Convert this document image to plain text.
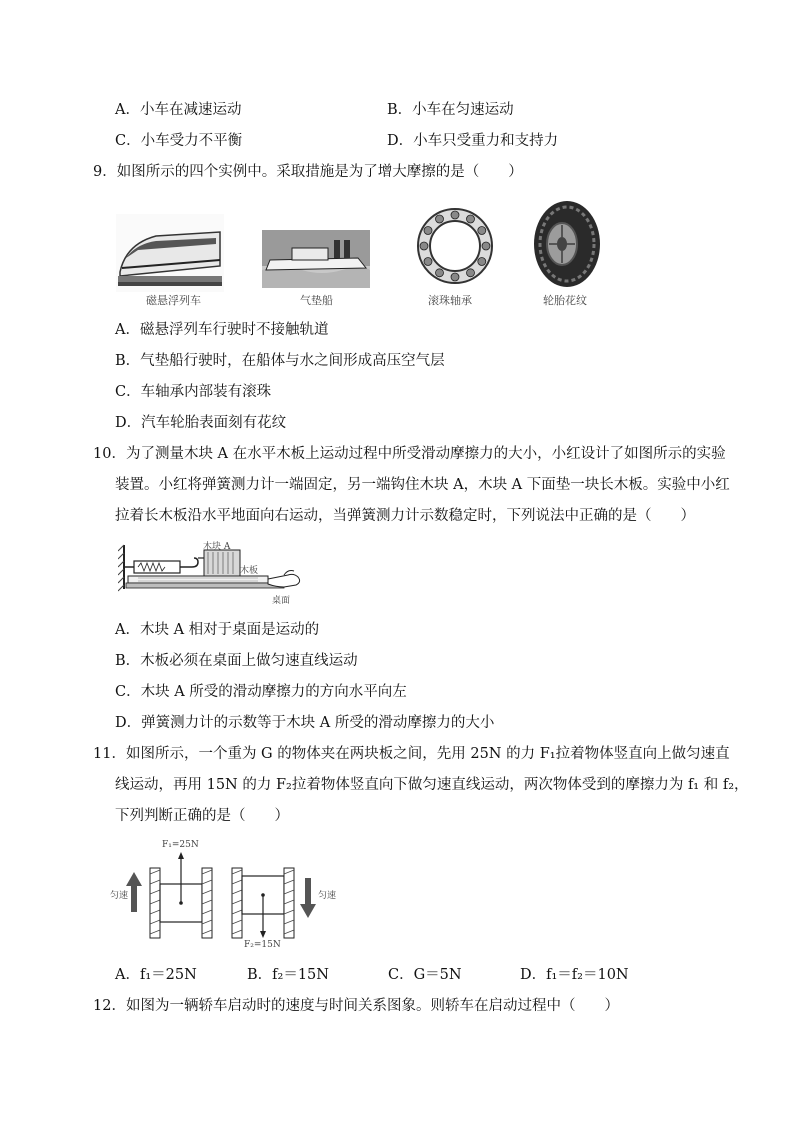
A．小车在减速运动	B．小车在匀速运动
C．小车受力不平衡	D．小车只受重力和支持力
9．如图所示的四个实例中。采取措施是为了增大摩擦的是（　　）
磁悬浮列车	气垫船	滚珠轴承	轮胎花纹
A．磁悬浮列车行驶时不接触轨道
B．气垫船行驶时，在船体与水之间形成高压空气层
C．车轴承内部装有滚珠
D．汽车轮胎表面刻有花纹
10．为了测量木块 A 在水平木板上运动过程中所受滑动摩擦力的大小，小红设计了如图所示的实验
装置。小红将弹簧测力计一端固定，另一端钩住木块 A，木块 A 下面垫一块长木板。实验中小红
拉着长木板沿水平地面向右运动，当弹簧测力计示数稳定时，下列说法中正确的是（　　）
木块 A
木板
桌面
A．木块 A 相对于桌面是运动的
B．木板必须在桌面上做匀速直线运动
C．木块 A 所受的滑动摩擦力的方向水平向左
D．弹簧测力计的示数等于木块 A 所受的滑动摩擦力的大小
11．如图所示，一个重为 G 的物体夹在两块板之间，先用 25N 的力 F₁拉着物体竖直向上做匀速直
线运动，再用 15N 的力 F₂拉着物体竖直向下做匀速直线运动，两次物体受到的摩擦力为 f₁ 和 f₂，
下列判断正确的是（　　）
F₁=25N
F₂=15N
匀速	匀速
A．f₁＝25N	B．f₂＝15N	C．G＝5N	D．f₁＝f₂＝10N
12．如图为一辆轿车启动时的速度与时间关系图象。则轿车在启动过程中（　　）
